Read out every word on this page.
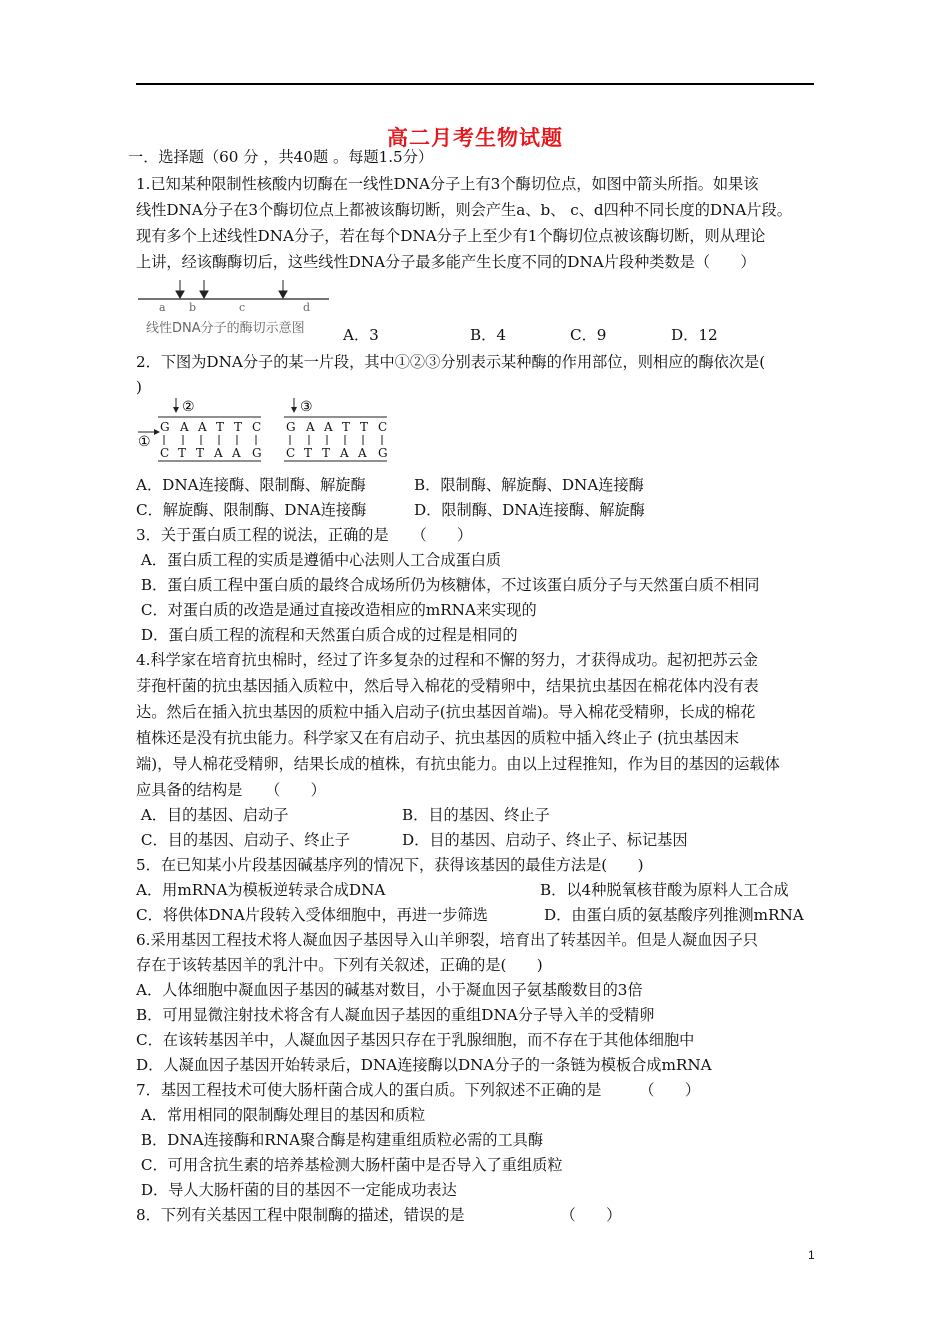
高二月考生物试题
一．选择题（60 分 ，共40题 。每题1.5分）
1.已知某种限制性核酸内切酶在一线性DNA分子上有3个酶切位点，如图中箭头所指。如果该
线性DNA分子在3个酶切位点上都被该酶切断，则会产生a、b、 c、d四种不同长度的DNA片段。
现有多个上述线性DNA分子，若在每个DNA分子上至少有1个酶切位点被该酶切断，则从理论
上讲，经该酶酶切后，这些线性DNA分子最多能产生长度不同的DNA片段种类数是（　　）
a b	c	d
线性DNA分子的酶切示意图	A．3	B．4	C．9	D．12
2．下图为DNA分子的某一片段，其中①②③分别表示某种酶的作用部位，则相应的酶依次是(
)
②
①
G A A T T C
C T T A A G
③
G A A T T C
C T T A A G
A．DNA连接酶、限制酶、解旋酶	B．限制酶、解旋酶、DNA连接酶
C．解旋酶、限制酶、DNA连接酶	D．限制酶、DNA连接酶、解旋酶
3．关于蛋白质工程的说法，正确的是　　（　　）
A．蛋白质工程的实质是遵循中心法则人工合成蛋白质
B．蛋白质工程中蛋白质的最终合成场所仍为核糖体，不过该蛋白质分子与天然蛋白质不相同
C．对蛋白质的改造是通过直接改造相应的mRNA来实现的
D．蛋白质工程的流程和天然蛋白质合成的过程是相同的
4.科学家在培育抗虫棉时，经过了许多复杂的过程和不懈的努力，才获得成功。起初把苏云金
芽孢杆菌的抗虫基因插入质粒中，然后导入棉花的受精卵中，结果抗虫基因在棉花体内没有表
达。然后在插入抗虫基因的质粒中插入启动子(抗虫基因首端)。导入棉花受精卵，长成的棉花
植株还是没有抗虫能力。科学家又在有启动子、抗虫基因的质粒中插入终止子 (抗虫基因末
端)，导人棉花受精卵，结果长成的植株，有抗虫能力。由以上过程推知，作为目的基因的运载体
应具备的结构是　　（　　）
A．目的基因、启动子	B．目的基因、终止子
C．目的基因、启动子、终止子	D．目的基因、启动子、终止子、标记基因
5．在已知某小片段基因碱基序列的情况下，获得该基因的最佳方法是(　　)
A．用mRNA为模板逆转录合成DNA	B．以4种脱氧核苷酸为原料人工合成
C．将供体DNA片段转入受体细胞中，再进一步筛选	D．由蛋白质的氨基酸序列推测mRNA
6.采用基因工程技术将人凝血因子基因导入山羊卵裂，培育出了转基因羊。但是人凝血因子只
存在于该转基因羊的乳汁中。下列有关叙述，正确的是(　　)
A．人体细胞中凝血因子基因的碱基对数目，小于凝血因子氨基酸数目的3倍
B．可用显微注射技术将含有人凝血因子基因的重组DNA分子导入羊的受精卵
C．在该转基因羊中，人凝血因子基因只存在于乳腺细胞，而不存在于其他体细胞中
D．人凝血因子基因开始转录后，DNA连接酶以DNA分子的一条链为模板合成mRNA
7．基因工程技术可使大肠杆菌合成人的蛋白质。下列叙述不正确的是　　　（　　）
A．常用相同的限制酶处理目的基因和质粒
B．DNA连接酶和RNA聚合酶是构建重组质粒必需的工具酶
C．可用含抗生素的培养基检测大肠杆菌中是否导入了重组质粒
D．导人大肠杆菌的目的基因不一定能成功表达
8．下列有关基因工程中限制酶的描述，错误的是　　　　　　 （　　）
1
